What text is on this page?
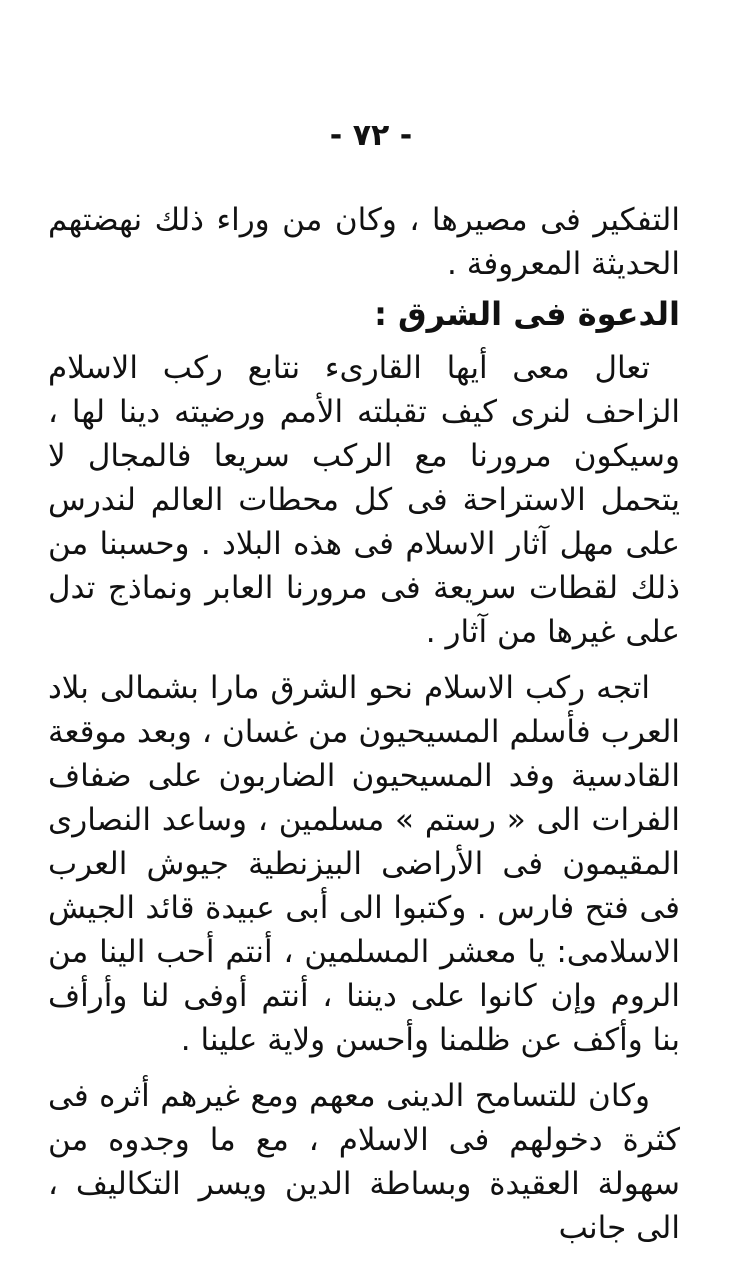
- ٧٢ -

التفكير فى مصيرها ، وكان من وراء ذلك نهضتهم الحديثة المعروفة .

الدعوة فى الشرق :

تعال معى أيها القارىء نتابع ركب الاسلام الزاحف لنرى كيف تقبلته الأمم ورضيته دينا لها ، وسيكون مرورنا مع الركب سريعا فالمجال لا يتحمل الاستراحة فى كل محطات العالم لندرس على مهل آثار الاسلام فى هذه البلاد . وحسبنا من ذلك لقطات سريعة فى مرورنا العابر ونماذج تدل على غيرها من آثار .

اتجه ركب الاسلام نحو الشرق مارا بشمالى بلاد العرب فأسلم المسيحيون من غسان ، وبعد موقعة القادسية وفد المسيحيون الضاربون على ضفاف الفرات الى « رستم » مسلمين ، وساعد النصارى المقيمون فى الأراضى البيزنطية جيوش العرب فى فتح فارس . وكتبوا الى أبى عبيدة قائد الجيش الاسلامى: يا معشر المسلمين ، أنتم أحب الينا من الروم وإن كانوا على ديننا ، أنتم أوفى لنا وأرأف بنا وأكف عن ظلمنا وأحسن ولاية علينا .

وكان للتسامح الدينى معهم ومع غيرهم أثره فى كثرة دخولهم فى الاسلام ، مع ما وجدوه من سهولة العقيدة وبساطة الدين ويسر التكاليف ، الى جانب
